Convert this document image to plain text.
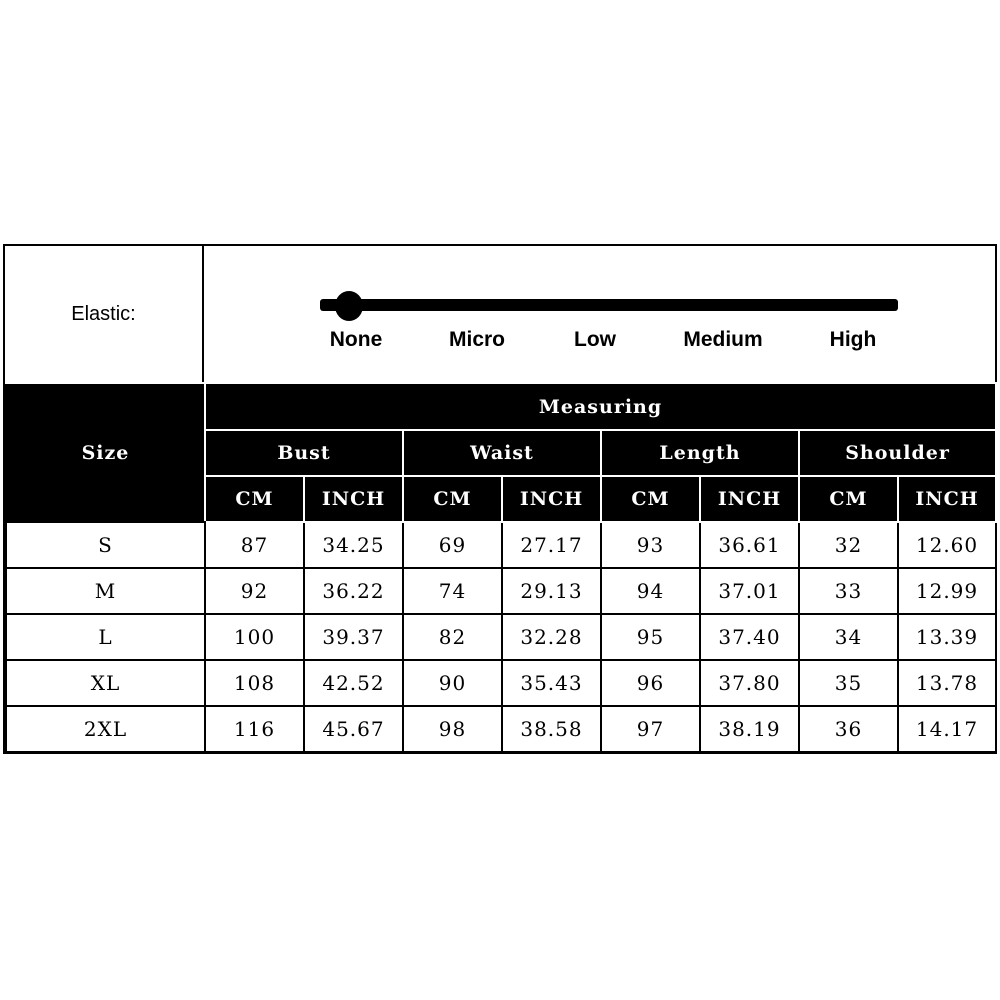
Elastic:
None	Micro	Low	Medium	High
Size	Measuring							
	Bust		Waist		Length		Shoulder	
	CM	INCH	CM	INCH	CM	INCH	CM	INCH
S	87	34.25	69	27.17	93	36.61	32	12.60
M	92	36.22	74	29.13	94	37.01	33	12.99
L	100	39.37	82	32.28	95	37.40	34	13.39
XL	108	42.52	90	35.43	96	37.80	35	13.78
2XL	116	45.67	98	38.58	97	38.19	36	14.17
